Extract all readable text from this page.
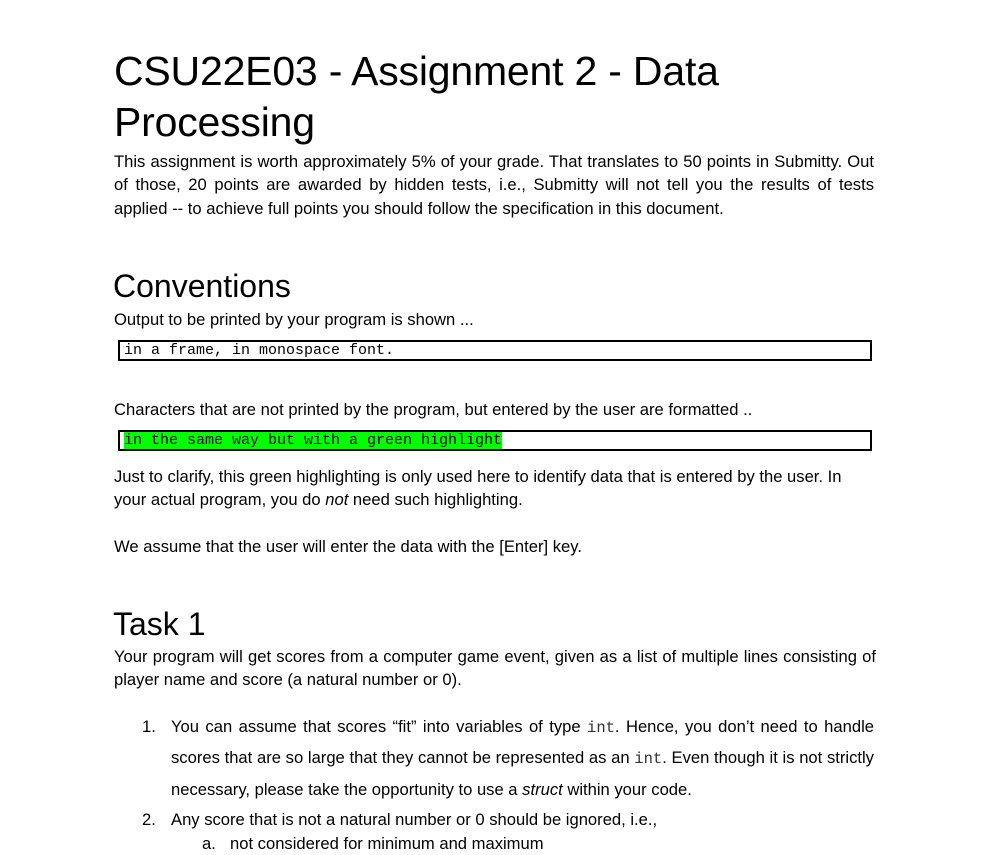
CSU22E03 - Assignment 2 - Data Processing

This assignment is worth approximately 5% of your grade. That translates to 50 points in Submitty. Out of those, 20 points are awarded by hidden tests, i.e., Submitty will not tell you the results of tests applied -- to achieve full points you should follow the specification in this document.

Conventions

Output to be printed by your program is shown ...

in a frame, in monospace font.

Characters that are not printed by the program, but entered by the user are formatted ..

in the same way but with a green highlight

Just to clarify, this green highlighting is only used here to identify data that is entered by the user. In your actual program, you do not need such highlighting.

We assume that the user will enter the data with the [Enter] key.

Task 1

Your program will get scores from a computer game event, given as a list of multiple lines consisting of player name and score (a natural number or 0).

1. You can assume that scores “fit” into variables of type int. Hence, you don’t need to handle scores that are so large that they cannot be represented as an int. Even though it is not strictly necessary, please take the opportunity to use a struct within your code.
2. Any score that is not a natural number or 0 should be ignored, i.e.,
a. not considered for minimum and maximum
